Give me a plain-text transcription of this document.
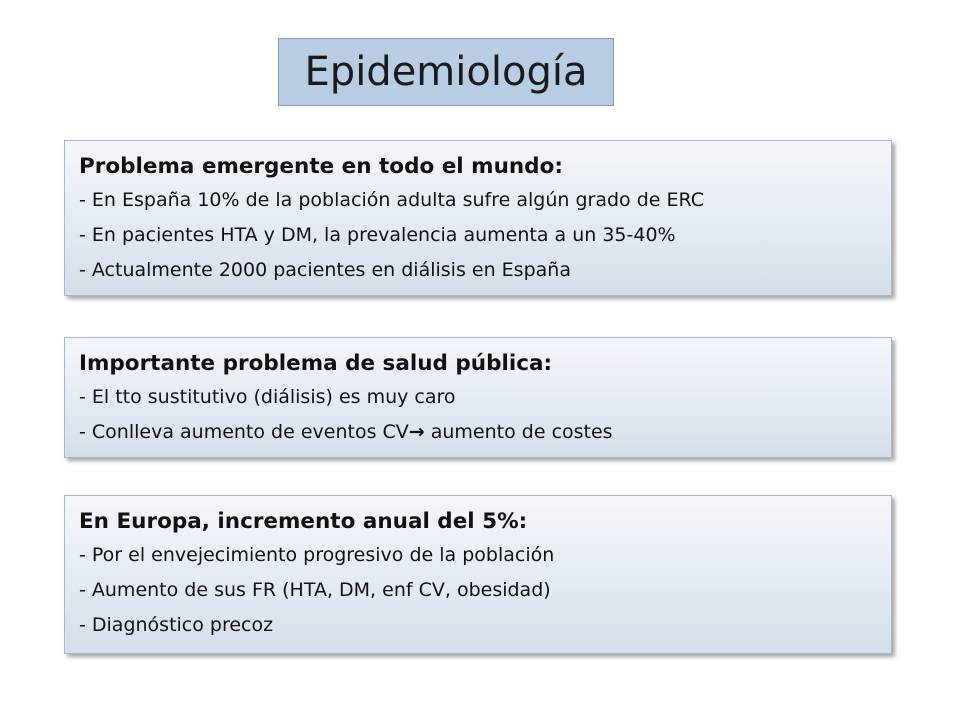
Epidemiología
Problema emergente en todo el mundo:
- En España 10% de la población adulta sufre algún grado de ERC
- En pacientes HTA y DM, la prevalencia aumenta a un 35-40%
- Actualmente 2000 pacientes en diálisis en España
Importante problema de salud pública:
- El tto sustitutivo (diálisis) es muy caro
- Conlleva aumento de eventos CV→ aumento de costes
En Europa, incremento anual del 5%:
- Por el envejecimiento progresivo de la población
- Aumento de sus FR (HTA, DM, enf CV, obesidad)
- Diagnóstico precoz
